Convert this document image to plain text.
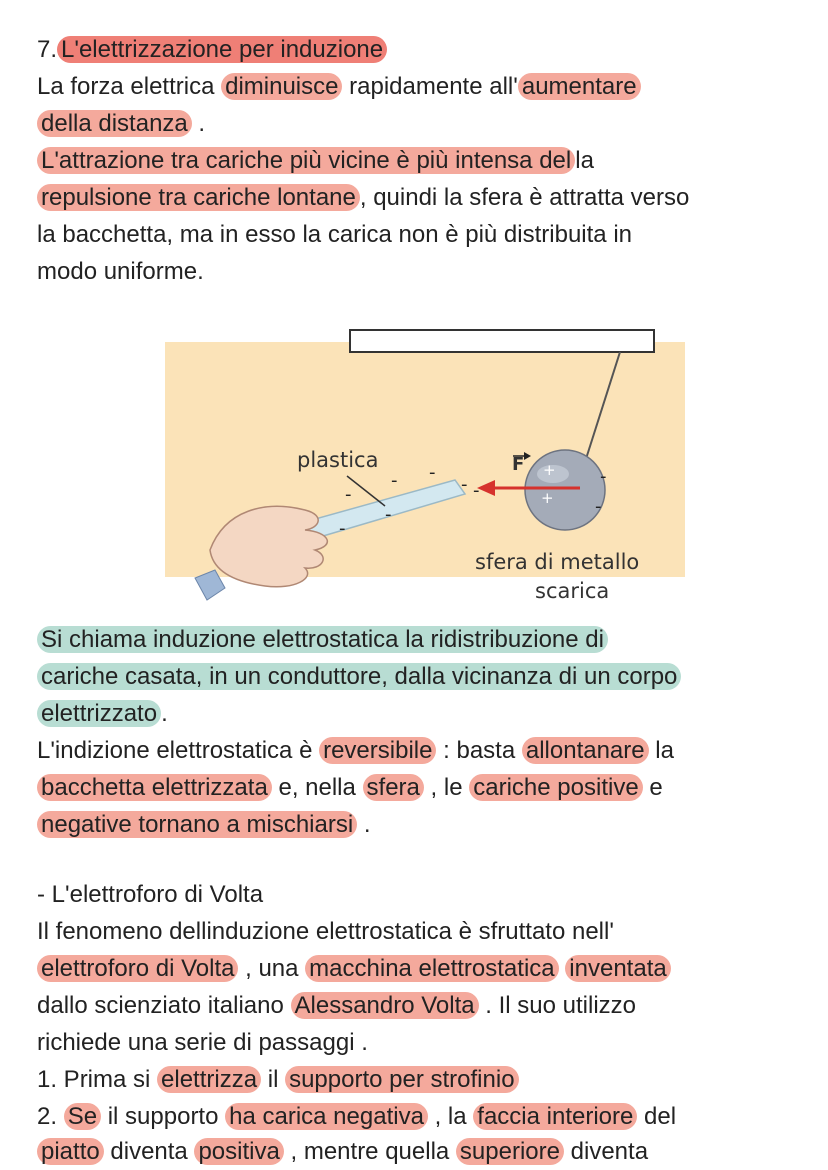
7. L'elettrizzazione per induzione

La forza elettrica diminuisce rapidamente all' aumentare

della distanza .

L'attrazione tra cariche più vicine è più intensa del la

repulsione tra cariche lontane , quindi la sfera è attratta verso

la bacchetta, ma in esso la carica non è più distribuita in

modo uniforme.

+
+
-
-
-
- -
-
-
- -
plastica	F
sfera di metallo
scarica

Si chiama induzione elettrostatica la ridistribuzione di

cariche casata, in un conduttore, dalla vicinanza di un corpo

elettrizzato .

L'indizione elettrostatica è reversibile : basta allontanare la

bacchetta elettrizzata e, nella sfera , le cariche positive e

negative tornano a mischiarsi .

- L'elettroforo di Volta

Il fenomeno dellinduzione elettrostatica è sfruttato nell'

elettroforo di Volta , una macchina elettrostatica inventata

dallo scienziato italiano Alessandro Volta . Il suo utilizzo

richiede una serie di passaggi .

1. Prima si elettrizza il supporto per strofinio

2. Se il supporto ha carica negativa , la faccia interiore del

piatto diventa positiva , mentre quella superiore diventa
